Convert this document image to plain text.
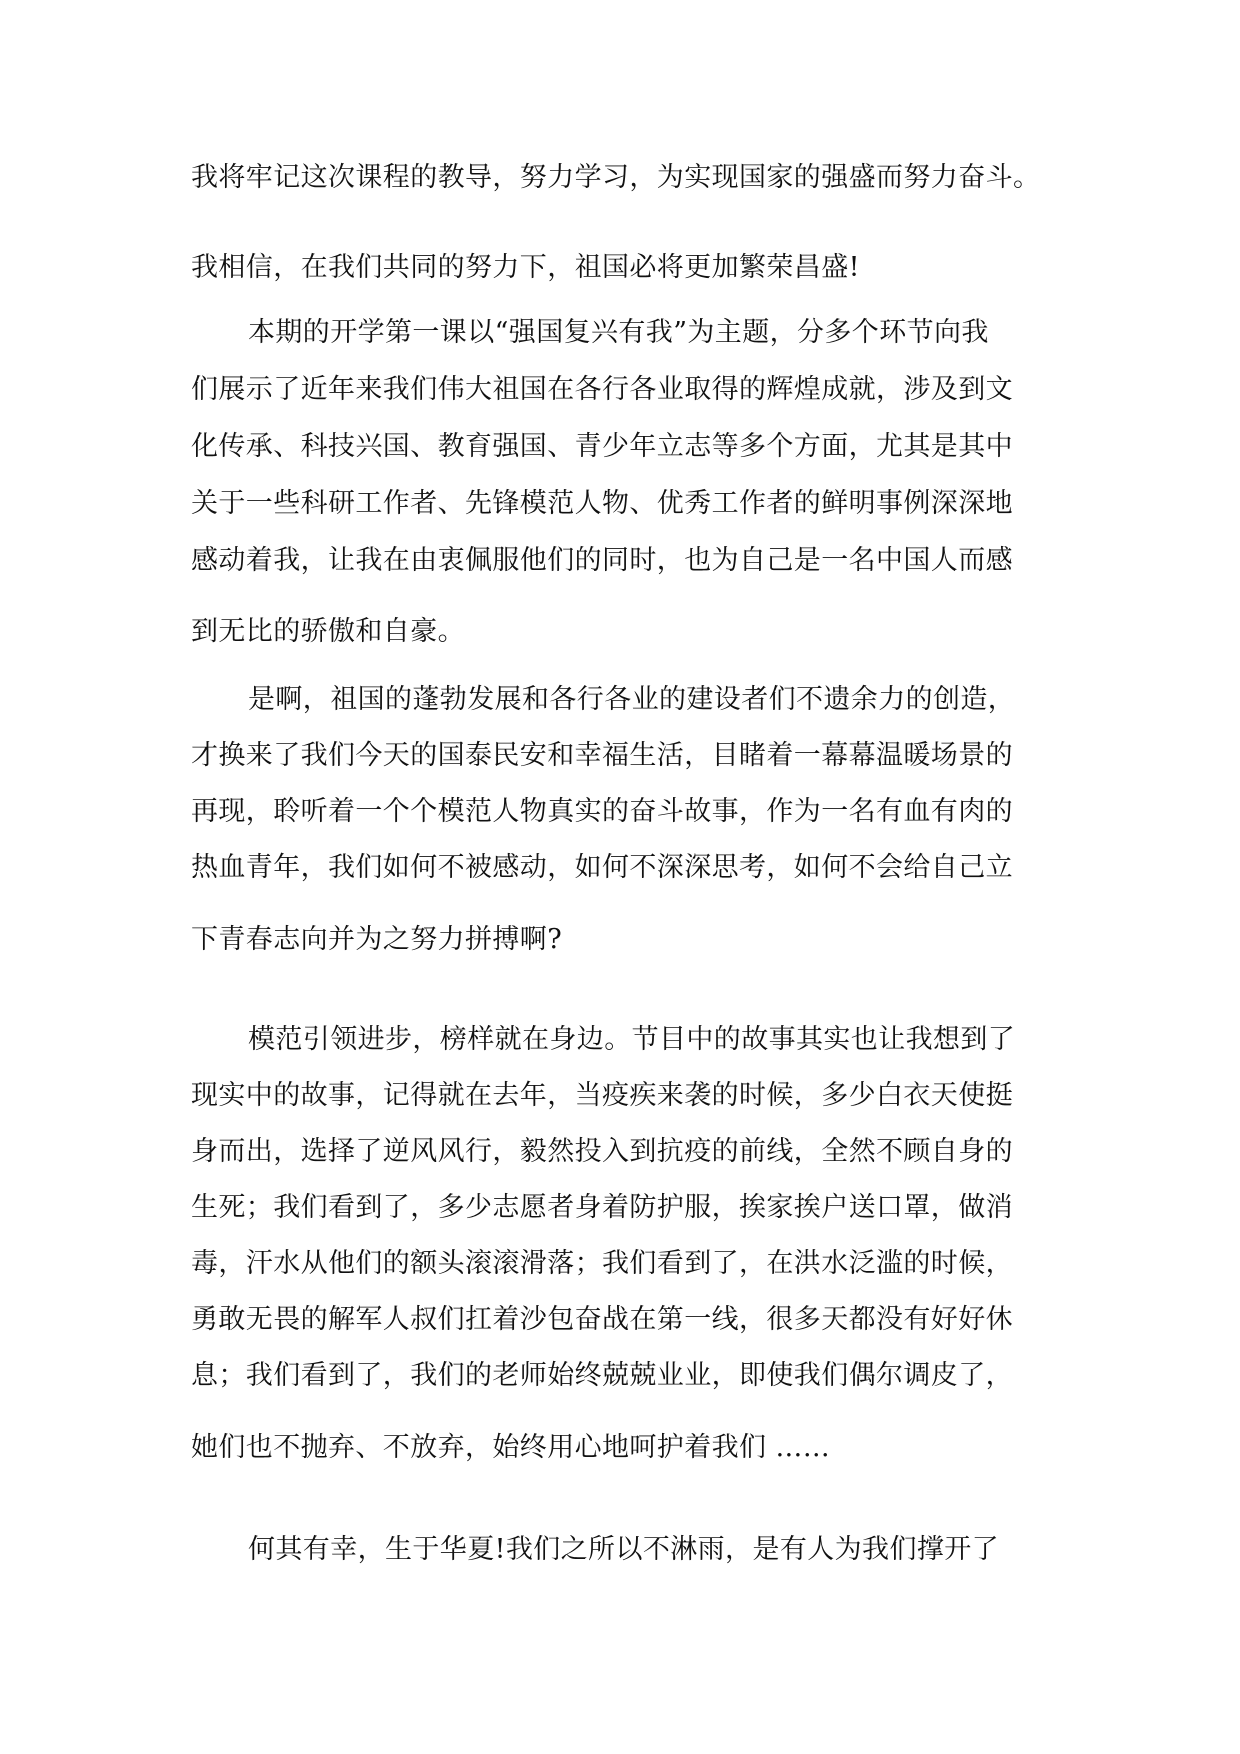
我将牢记这次课程的教导，努力学习，为实现国家的强盛而努力奋斗。

我相信，在我们共同的努力下，祖国必将更加繁荣昌盛!

本期的开学第一课以“强国复兴有我”为主题，分多个环节向我

们展示了近年来我们伟大祖国在各行各业取得的辉煌成就，涉及到文

化传承、科技兴国、教育强国、青少年立志等多个方面，尤其是其中

关于一些科研工作者、先锋模范人物、优秀工作者的鲜明事例深深地

感动着我，让我在由衷佩服他们的同时，也为自己是一名中国人而感

到无比的骄傲和自豪。

是啊，祖国的蓬勃发展和各行各业的建设者们不遗余力的创造，

才换来了我们今天的国泰民安和幸福生活，目睹着一幕幕温暖场景的

再现，聆听着一个个模范人物真实的奋斗故事，作为一名有血有肉的

热血青年，我们如何不被感动，如何不深深思考，如何不会给自己立

下青春志向并为之努力拼搏啊?

模范引领进步，榜样就在身边。节目中的故事其实也让我想到了

现实中的故事，记得就在去年，当疫疾来袭的时候，多少白衣天使挺

身而出，选择了逆风风行，毅然投入到抗疫的前线，全然不顾自身的

生死；我们看到了，多少志愿者身着防护服，挨家挨户送口罩，做消

毒，汗水从他们的额头滚滚滑落；我们看到了，在洪水泛滥的时候，

勇敢无畏的解军人叔们扛着沙包奋战在第一线，很多天都没有好好休

息；我们看到了，我们的老师始终兢兢业业，即使我们偶尔调皮了，

她们也不抛弃、不放弃，始终用心地呵护着我们 ……

何其有幸，生于华夏!我们之所以不淋雨，是有人为我们撑开了
